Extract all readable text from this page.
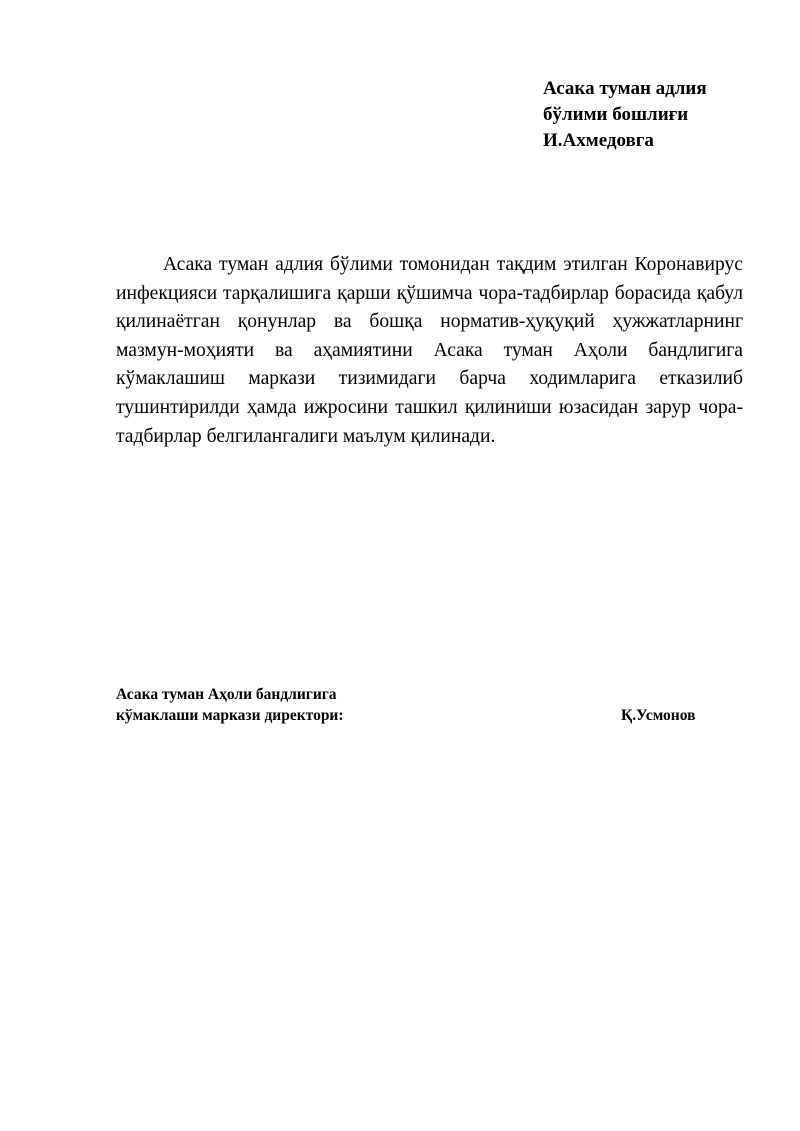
Асака туман адлия
бўлими бошлиғи
И.Ахмедовга

Асака туман адлия бўлими томонидан тақдим этилган Коронавирус инфекцияси тарқалишига қарши қўшимча чора-тадбирлар борасида қабул қилинаётган қонунлар ва бошқа норматив-ҳуқуқий ҳужжатларнинг мазмун-моҳияти ва аҳамиятини Асака туман Аҳоли бандлигига кўмаклашиш маркази тизимидаги барча ходимларига етказилиб тушинтирилди ҳамда ижросини ташкил қилиниши юзасидан зарур чора-тадбирлар белгилангалиги маълум қилинади.

Асака туман Аҳоли бандлигига
кўмаклаши маркази директори:	Қ.Усмонов
